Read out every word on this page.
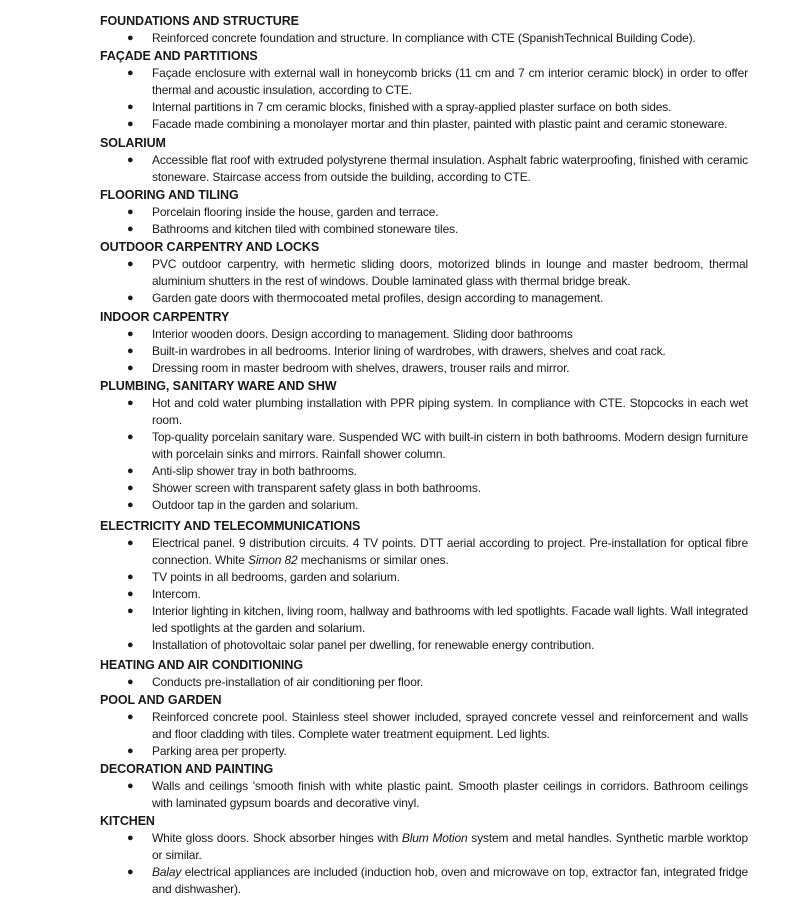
FOUNDATIONS AND STRUCTURE
● Reinforced concrete foundation and structure. In compliance with CTE (SpanishTechnical Building Code).
FAÇADE AND PARTITIONS
● Façade enclosure with external wall in honeycomb bricks (11 cm and 7 cm interior ceramic block) in order to offer thermal and acoustic insulation, according to CTE.
● Internal partitions in 7 cm ceramic blocks, finished with a spray-applied plaster surface on both sides.
● Facade made combining a monolayer mortar and thin plaster, painted with plastic paint and ceramic stoneware.
SOLARIUM
● Accessible flat roof with extruded polystyrene thermal insulation. Asphalt fabric waterproofing, finished with ceramic stoneware. Staircase access from outside the building, according to CTE.
FLOORING AND TILING
● Porcelain flooring inside the house, garden and terrace.
● Bathrooms and kitchen tiled with combined stoneware tiles.
OUTDOOR CARPENTRY AND LOCKS
● PVC outdoor carpentry, with hermetic sliding doors, motorized blinds in lounge and master bedroom, thermal aluminium shutters in the rest of windows. Double laminated glass with thermal bridge break.
● Garden gate doors with thermocoated metal profiles, design according to management.
INDOOR CARPENTRY
● Interior wooden doors. Design according to management. Sliding door bathrooms
● Built-in wardrobes in all bedrooms. Interior lining of wardrobes, with drawers, shelves and coat rack.
● Dressing room in master bedroom with shelves, drawers, trouser rails and mirror.
PLUMBING, SANITARY WARE AND SHW
● Hot and cold water plumbing installation with PPR piping system. In compliance with CTE. Stopcocks in each wet room.
● Top-quality porcelain sanitary ware. Suspended WC with built-in cistern in both bathrooms. Modern design furniture with porcelain sinks and mirrors. Rainfall shower column.
● Anti-slip shower tray in both bathrooms.
● Shower screen with transparent safety glass in both bathrooms.
● Outdoor tap in the garden and solarium.
ELECTRICITY AND TELECOMMUNICATIONS
● Electrical panel. 9 distribution circuits. 4 TV points. DTT aerial according to project. Pre-installation for optical fibre connection. White Simon 82 mechanisms or similar ones.
● TV points in all bedrooms, garden and solarium.
● Intercom.
● Interior lighting in kitchen, living room, hallway and bathrooms with led spotlights. Facade wall lights. Wall integrated led spotlights at the garden and solarium.
● Installation of photovoltaic solar panel per dwelling, for renewable energy contribution.
HEATING AND AIR CONDITIONING
● Conducts pre-installation of air conditioning per floor.
POOL AND GARDEN
● Reinforced concrete pool. Stainless steel shower included, sprayed concrete vessel and reinforcement and walls and floor cladding with tiles. Complete water treatment equipment. Led lights.
● Parking area per property.
DECORATION AND PAINTING
● Walls and ceilings 'smooth finish with white plastic paint. Smooth plaster ceilings in corridors. Bathroom ceilings with laminated gypsum boards and decorative vinyl.
KITCHEN
● White gloss doors. Shock absorber hinges with Blum Motion system and metal handles. Synthetic marble worktop or similar.
● Balay electrical appliances are included (induction hob, oven and microwave on top, extractor fan, integrated fridge and dishwasher).
